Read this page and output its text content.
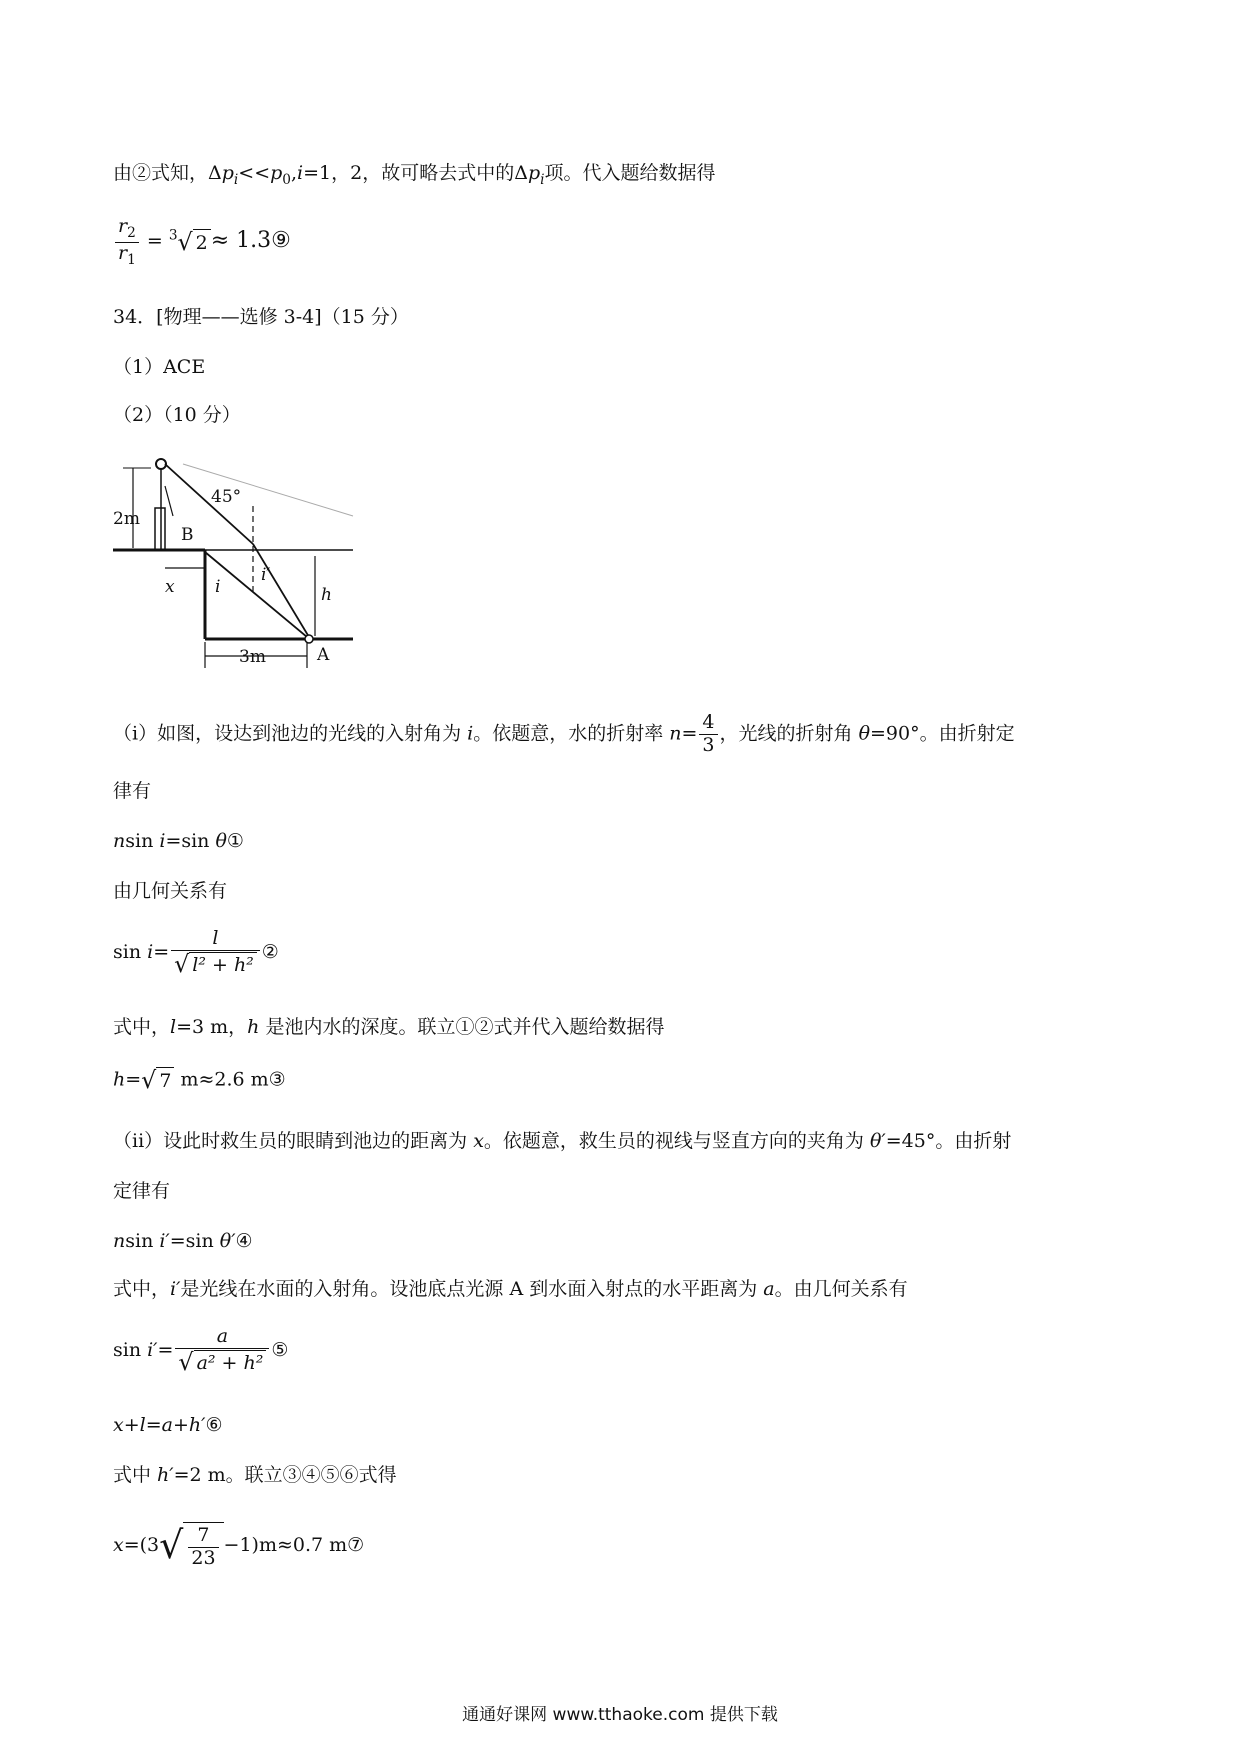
由②式知，$\Delta p_i<<p_0,i=1$，2，故可略去式中的$\Delta p_i$项。代入题给数据得
$\frac{r_2}{r_1} = ^3√$ 2 ≈ 1.3⑨
34．[物理——选修 3-4]（15 分）
（1）ACE
（2）（10 分）
2m
45°
B
x i
i′
h
3m	A
（i）如图，设达到池边的光线的入射角为 i。依题意，水的折射率 $n= \frac{4}{3}$ ，光线的折射角 θ=90°。由折射定
律有
nsin i=sin θ①
由几何关系有
$\sin i= \frac{l}{\text{√ l² + h²}}$ ②
式中，l=3 m，h 是池内水的深度。联立①②式并代入题给数据得
h=√ 7 m≈2.6 m③
（ii）设此时救生员的眼睛到池边的距离为 x。依题意，救生员的视线与竖直方向的夹角为 θ′=45°。由折射
定律有
nsin i′=sin θ′④
式中，i′是光线在水面的入射角。设池底点光源 A 到水面入射点的水平距离为 a。由几何关系有
$\sin i'= \frac{a}{\text{√ a² + h²}}$ ⑤
x+l=a+h′⑥
式中 h′=2 m。联立③④⑤⑥式得
$x=(3√ \frac{7}{23} -1)m\approx 0.7$ m⑦
通通好课网 www.tthaoke.com 提供下载
